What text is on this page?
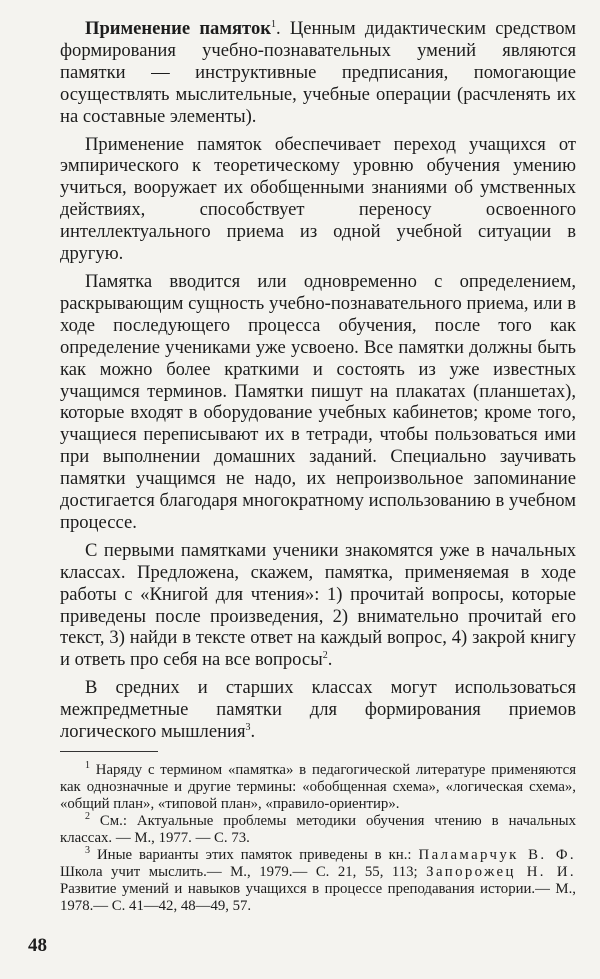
Применение памяток$^1$. Ценным дидактическим средством формирования учебно-познавательных умений являются памятки — инструктивные предписания, помогающие осуществлять мыслительные, учебные операции (расчленять их на составные элементы).

Применение памяток обеспечивает переход учащихся от эмпирического к теоретическому уровню обучения умению учиться, вооружает их обобщенными знаниями об умственных действиях, способствует переносу освоенного интеллектуального приема из одной учебной ситуации в другую.

Памятка вводится или одновременно с определением, раскрывающим сущность учебно-познавательного приема, или в ходе последующего процесса обучения, после того как определение учениками уже усвоено. Все памятки должны быть как можно более краткими и состоять из уже известных учащимся терминов. Памятки пишут на плакатах (планшетах), которые входят в оборудование учебных кабинетов; кроме того, учащиеся переписывают их в тетради, чтобы пользоваться ими при выполнении домашних заданий. Специально заучивать памятки учащимся не надо, их непроизвольное запоминание достигается благодаря многократному использованию в учебном процессе.

С первыми памятками ученики знакомятся уже в начальных классах. Предложена, скажем, памятка, применяемая в ходе работы с «Книгой для чтения»: 1) прочитай вопросы, которые приведены после произведения, 2) внимательно прочитай его текст, 3) найди в тексте ответ на каждый вопрос, 4) закрой книгу и ответь про себя на все вопросы$^2$.

В средних и старших классах могут использоваться межпредметные памятки для формирования приемов логического мышления$^3$.

$^1$ Наряду с термином «памятка» в педагогической литературе применяются как однозначные и другие термины: «обобщенная схема», «логическая схема», «общий план», «типовой план», «правило-ориентир».

$^2$ См.: Актуальные проблемы методики обучения чтению в начальных классах. — М., 1977. — С. 73.

$^3$ Иные варианты этих памяток приведены в кн.: Паламарчук В. Ф. Школа учит мыслить.— М., 1979.— С. 21, 55, 113; Запорожец Н. И. Развитие умений и навыков учащихся в процессе преподавания истории.— М., 1978.— С. 41—42, 48—49, 57.

48
